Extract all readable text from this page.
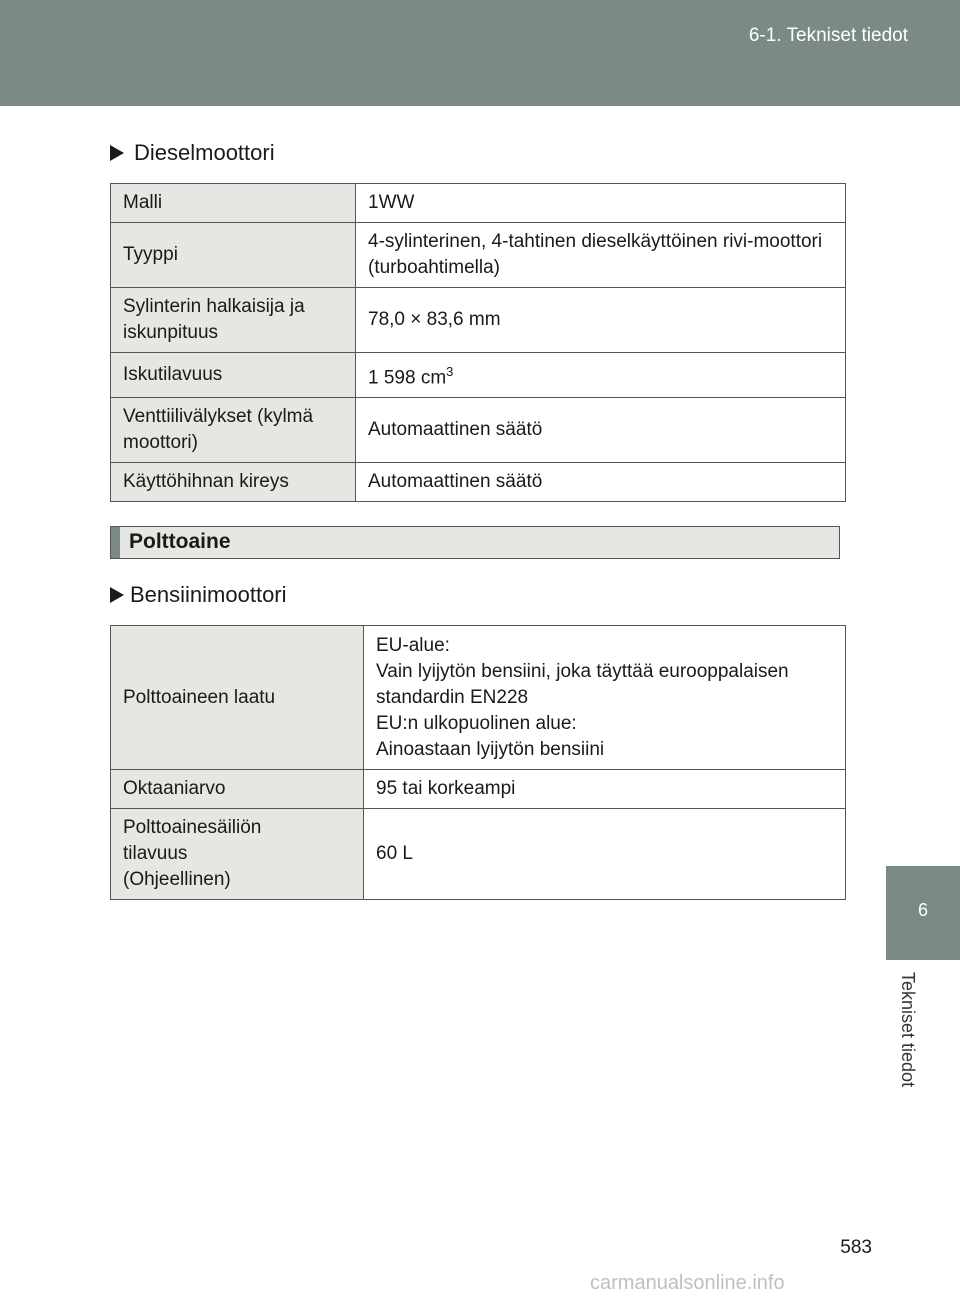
6-1. Tekniset tiedot
Dieselmoottori
Malli	1WW
Tyyppi	4-sylinterinen, 4-tahtinen dieselkäyttöinen rivi-moottori (turboahtimella)
Sylinterin halkaisija ja iskunpituus	78,0 × 83,6 mm
Iskutilavuus	1 598 $cm^3$
Venttiilivälykset (kylmä moottori)	Automaattinen säätö
Käyttöhihnan kireys	Automaattinen säätö
Polttoaine
Bensiinimoottori
Polttoaineen laatu	EU-alue:
Vain lyijytön bensiini, joka täyttää eurooppalaisen
standardin EN228
EU:n ulkopuolinen alue:
Ainoastaan lyijytön bensiini

Oktaaniarvo	95 tai korkeampi

Polttoainesäiliön
tilavuus
(Ohjeellinen)	60 L
6
Tekniset tiedot
583
carmanualsonline.info
